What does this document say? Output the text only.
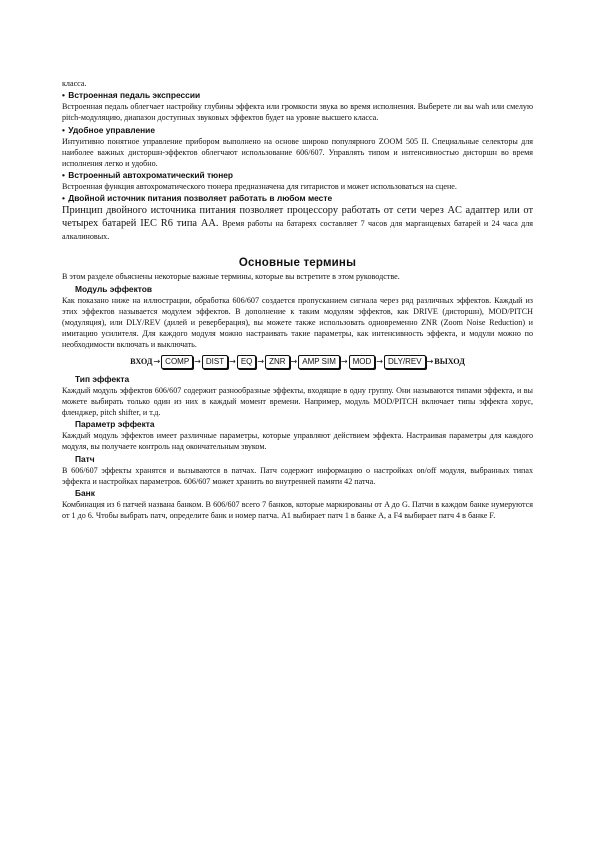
класса.

• Встроенная педаль экспрессии

Встроенная педаль облегчает настройку глубины эффекта или громкости звука во время исполнения. Выберете ли вы wah или смелую pitch-модуляцию, диапазон доступных звуковых эффектов будет на уровне высшего класса.

• Удобное управление

Интуитивно понятное управление прибором выполнено на основе широко популярного ZOOM 505 II. Специальные селекторы для наиболее важных дисторшн-эффектов облегчают использование 606/607. Управлять типом и интенсивностью дисторшн во время исполнения легко и удобно.

• Встроенный автохроматический тюнер

Встроенная функция автохроматического тюнера предназначена для гитаристов и может использоваться на сцене.

• Двойной источник питания позволяет работать в любом месте

Принцип двойного источника питания позволяет процессору работать от сети через AC адаптер или от четырех батарей IEC R6 типа AA. Время работы на батареях составляет 7 часов для марганцевых батарей и 24 часа для алкалиновых.

Основные термины

В этом разделе объяснены некоторые важные термины, которые вы встретите в этом руководстве.

Модуль эффектов

Как показано ниже на иллюстрации, обработка 606/607 создается пропусканием сигнала через ряд различных эффектов. Каждый из этих эффектов называется модулем эффектов. В дополнение к таким модулям эффектов, как DRIVE (дисторшн), MOD/PITCH (модуляция), или DLY/REV (дилей и реверберация), вы можете также использовать одновременно ZNR (Zoom Noise Reduction) и имитацию усилителя. Для каждого модуля можно настраивать такие параметры, как интенсивность эффекта, и модули можно по необходимости включать и выключать.

ВХОД → COMP → DIST → EQ → ZNR → AMP SIM → MOD → DLY/REV → ВЫХОД

Тип эффекта

Каждый модуль эффектов 606/607 содержит разнообразные эффекты, входящие в одну группу. Они называются типами эффекта, и вы можете выбирать только один из них в каждый момент времени. Например, модуль MOD/PITCH включает типы эффекта хорус, фленджер, pitch shifter, и т.д.

Параметр эффекта

Каждый модуль эффектов имеет различные параметры, которые управляют действием эффекта. Настраивая параметры для каждого модуля, вы получаете контроль над окончательным звуком.

Патч

В 606/607 эффекты хранятся и вызываются в патчах. Патч содержит информацию о настройках on/off модуля, выбранных типах эффекта и настройках параметров. 606/607 может хранить во внутренней памяти 42 патча.

Банк

Комбинация из 6 патчей названа банком. В 606/607 всего 7 банков, которые маркированы от A до G. Патчи в каждом банке нумеруются от 1 до 6. Чтобы выбрать патч, определите банк и номер патча. A1 выбирает патч 1 в банке A, а F4 выбирает патч 4 в банке F.
